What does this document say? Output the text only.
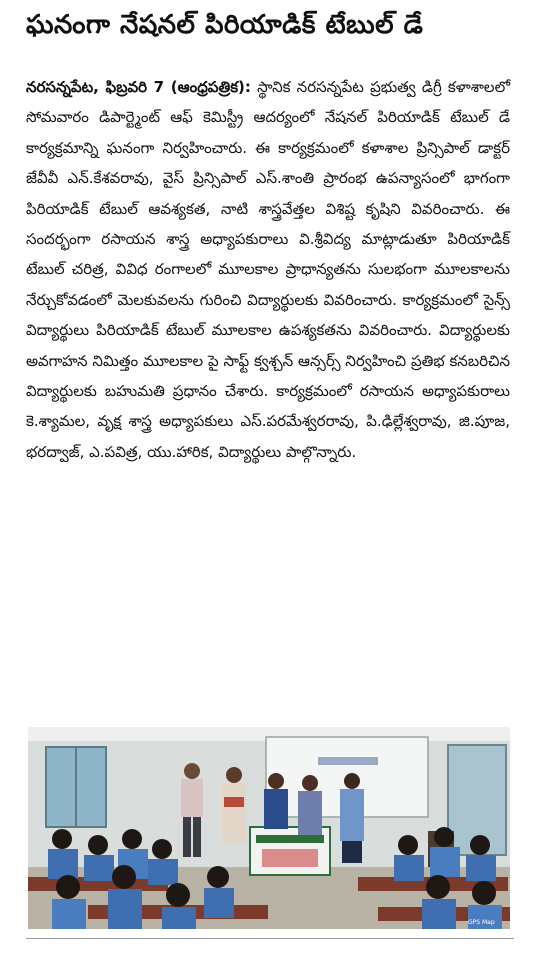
ఘనంగా నేషనల్ పిరియాడిక్ టేబుల్ డే
నరసన్నపేట, ఫిబ్రవరి 7 (ఆంధ్రపత్రిక): స్థానిక నరసన్నపేట ప్రభుత్వ డిగ్రీ కళాశాలలో సోమవారం డిపార్ట్మెంట్ ఆఫ్ కెమిస్ట్రీ ఆదర్యంలో నేషనల్ పిరియాడిక్ టేబుల్ డే కార్యక్రమాన్ని ఘనంగా నిర్వహించారు. ఈ కార్యక్రమంలో కళాశాల ప్రిన్సిపాల్ డాక్టర్ జేవీవీ ఎన్.కేశవరావు, వైస్ ప్రిన్సిపాల్ ఎస్.శాంతి ప్రారంభ ఉపన్యాసంలో భాగంగా పిరియాడిక్ టేబుల్ ఆవశ్యకత, నాటి శాస్త్రవేత్తల విశిష్ట కృషిని వివరించారు. ఈ సందర్భంగా రసాయన శాస్త్ర అధ్యాపకురాలు వి.శ్రీవిద్య మాట్లాడుతూ పిరియాడిక్ టేబుల్ చరిత్ర, వివిధ రంగాలలో మూలకాల ప్రాధాన్యతను సులభంగా మూలకాలను నేర్చుకోవడంలో మెలకువలను గురించి విద్యార్థులకు వివరించారు. కార్యక్రమంలో సైన్స్ విద్యార్థులు పిరియాడిక్ టేబుల్ మూలకాల ఉపశ్యకతను వివరించారు. విద్యార్థులకు అవగాహన నిమిత్తం మూలకాల పై సాఫ్ట్ క్వశ్చన్ ఆన్సర్స్ నిర్వహించి ప్రతిభ కనబరిచిన విద్యార్థులకు బహుమతి ప్రధానం చేశారు. కార్యక్రమంలో రసాయన అధ్యాపకురాలు కె.శ్యామల, వృక్ష శాస్త్ర అధ్యాపకులు ఎస్.పరమేశ్వరరావు, పి.ఢిల్లేశ్వరావు, జి.పూజ, భరద్వాజ్, ఎ.పవిత్ర, యు.హారిక, విద్యార్థులు పాల్గొన్నారు.
GPS Map
